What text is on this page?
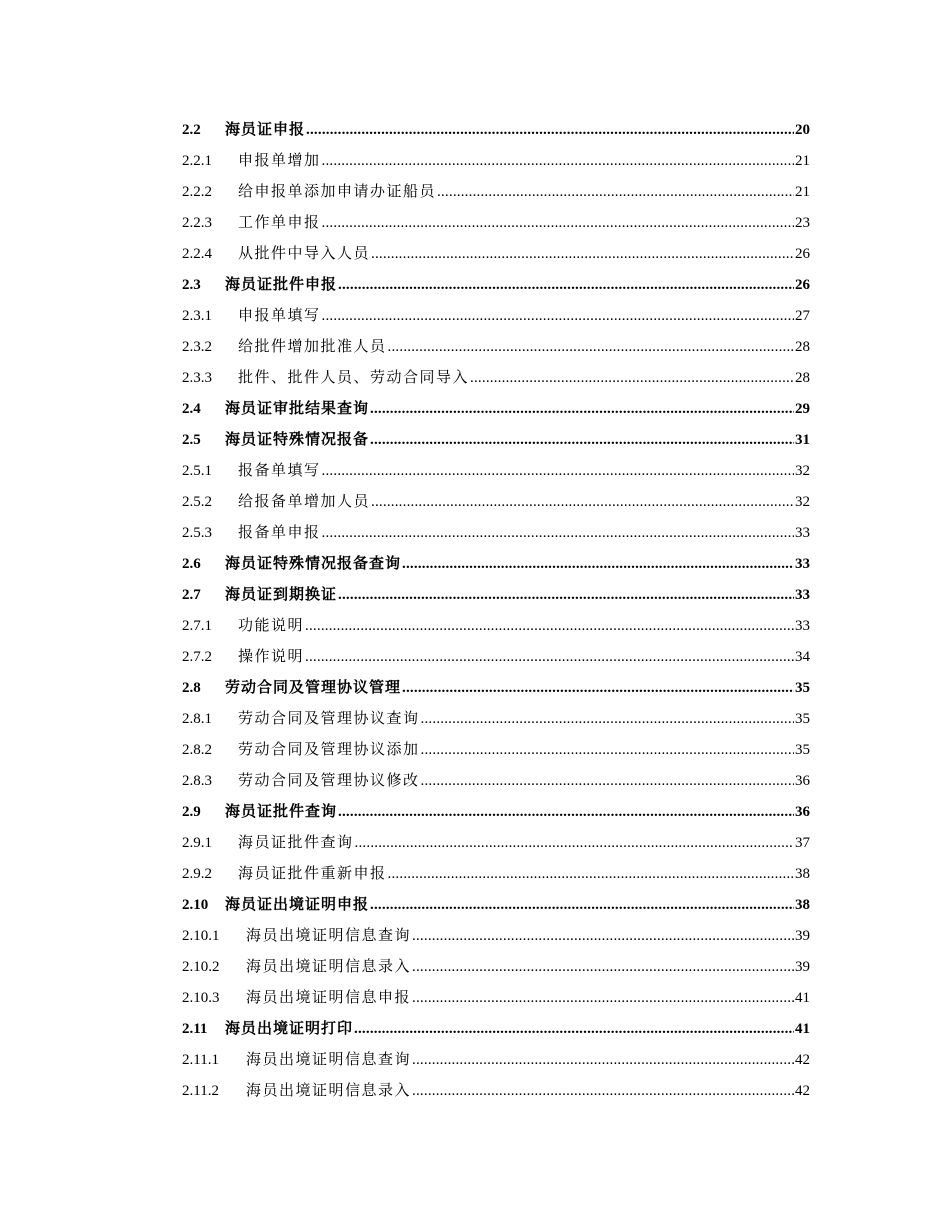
2.2	海员证申报 .....	20
2.2.1	申报单增加 .....	21
2.2.2	给申报单添加申请办证船员 .....	21
2.2.3	工作单申报 .....	23
2.2.4	从批件中导入人员 .....	26
2.3	海员证批件申报 .....	26
2.3.1	申报单填写 .....	27
2.3.2	给批件增加批准人员 .....	28
2.3.3	批件、批件人员、劳动合同导入 .....	28
2.4	海员证审批结果查询 .....	29
2.5	海员证特殊情况报备 .....	31
2.5.1	报备单填写 .....	32
2.5.2	给报备单增加人员 .....	32
2.5.3	报备单申报 .....	33
2.6	海员证特殊情况报备查询 .....	33
2.7	海员证到期换证 .....	33
2.7.1	功能说明 .....	33
2.7.2	操作说明 .....	34
2.8	劳动合同及管理协议管理 .....	35
2.8.1	劳动合同及管理协议查询 .....	35
2.8.2	劳动合同及管理协议添加 .....	35
2.8.3	劳动合同及管理协议修改 .....	36
2.9	海员证批件查询 .....	36
2.9.1	海员证批件查询 .....	37
2.9.2	海员证批件重新申报 .....	38
2.10	海员证出境证明申报 .....	38
2.10.1	海员出境证明信息查询 .....	39
2.10.2	海员出境证明信息录入 .....	39
2.10.3	海员出境证明信息申报 .....	41
2.11	海员出境证明打印 .....	41
2.11.1	海员出境证明信息查询 .....	42
2.11.2	海员出境证明信息录入 .....	42
